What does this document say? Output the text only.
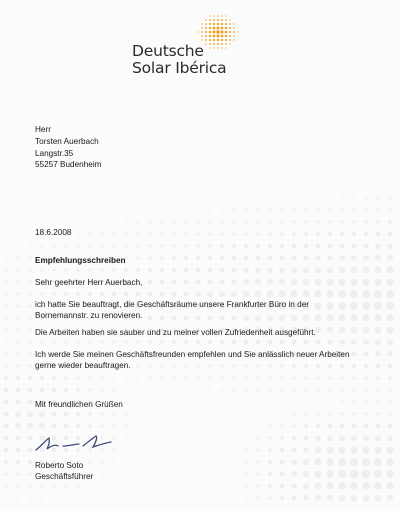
Deutsche
Solar Ibérica
Herr
Torsten Auerbach
Langstr.35
55257 Budenheim
18.6.2008
Empfehlungsschreiben
Sehr geehrter Herr Auerbach,
ich hatte Sie beauftragt, die Geschäftsräume unsere Frankfurter Büro in der
Bornemannstr. zu renovieren.
Die Arbeiten haben sie sauber und zu meiner vollen Zufriedenheit ausgeführt.
Ich werde Sie meinen Geschäftsfreunden empfehlen und Sie anlässlich neuer Arbeiten
gerne wieder beauftragen.
Mit freundlichen Grüßen
Roberto Soto
Geschäftsführer
